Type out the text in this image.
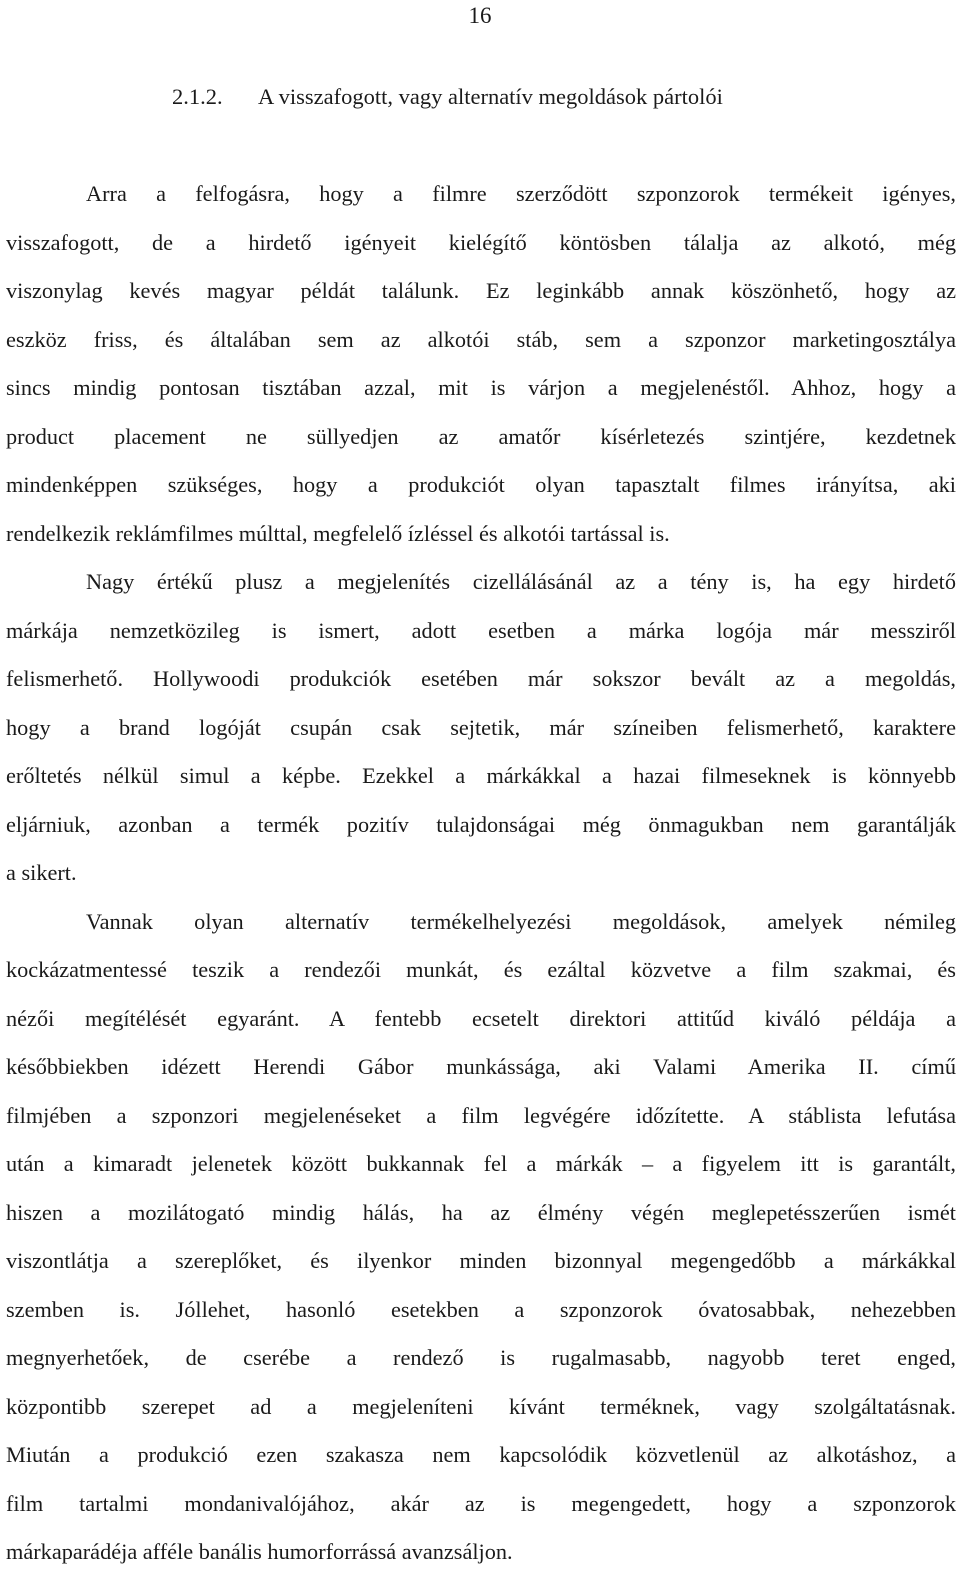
16
2.1.2. A visszafogott, vagy alternatív megoldások pártolói
Arra a felfogásra, hogy a filmre szerződött szponzorok termékeit igényes,
visszafogott, de a hirdető igényeit kielégítő köntösben tálalja az alkotó, még
viszonylag kevés magyar példát találunk. Ez leginkább annak köszönhető, hogy az
eszköz friss, és általában sem az alkotói stáb, sem a szponzor marketingosztálya
sincs mindig pontosan tisztában azzal, mit is várjon a megjelenéstől. Ahhoz, hogy a
product placement ne süllyedjen az amatőr kísérletezés szintjére, kezdetnek
mindenképpen szükséges, hogy a produkciót olyan tapasztalt filmes irányítsa, aki
rendelkezik reklámfilmes múlttal, megfelelő ízléssel és alkotói tartással is.
Nagy értékű plusz a megjelenítés cizellálásánál az a tény is, ha egy hirdető
márkája nemzetközileg is ismert, adott esetben a márka logója már messziről
felismerhető. Hollywoodi produkciók esetében már sokszor bevált az a megoldás,
hogy a brand logóját csupán csak sejtetik, már színeiben felismerhető, karaktere
erőltetés nélkül simul a képbe. Ezekkel a márkákkal a hazai filmeseknek is könnyebb
eljárniuk, azonban a termék pozitív tulajdonságai még önmagukban nem garantálják
a sikert.
Vannak olyan alternatív termékelhelyezési megoldások, amelyek némileg
kockázatmentessé teszik a rendezői munkát, és ezáltal közvetve a film szakmai, és
nézői megítélését egyaránt. A fentebb ecsetelt direktori attitűd kiváló példája a
későbbiekben idézett Herendi Gábor munkássága, aki Valami Amerika II. című
filmjében a szponzori megjelenéseket a film legvégére időzítette. A stáblista lefutása
után a kimaradt jelenetek között bukkannak fel a márkák – a figyelem itt is garantált,
hiszen a mozilátogató mindig hálás, ha az élmény végén meglepetésszerűen ismét
viszontlátja a szereplőket, és ilyenkor minden bizonnyal megengedőbb a márkákkal
szemben is. Jóllehet, hasonló esetekben a szponzorok óvatosabbak, nehezebben
megnyerhetőek, de cserébe a rendező is rugalmasabb, nagyobb teret enged,
központibb szerepet ad a megjeleníteni kívánt terméknek, vagy szolgáltatásnak.
Miután a produkció ezen szakasza nem kapcsolódik közvetlenül az alkotáshoz, a
film tartalmi mondanivalójához, akár az is megengedett, hogy a szponzorok
márkaparádéja afféle banális humorforrássá avanzsáljon.
